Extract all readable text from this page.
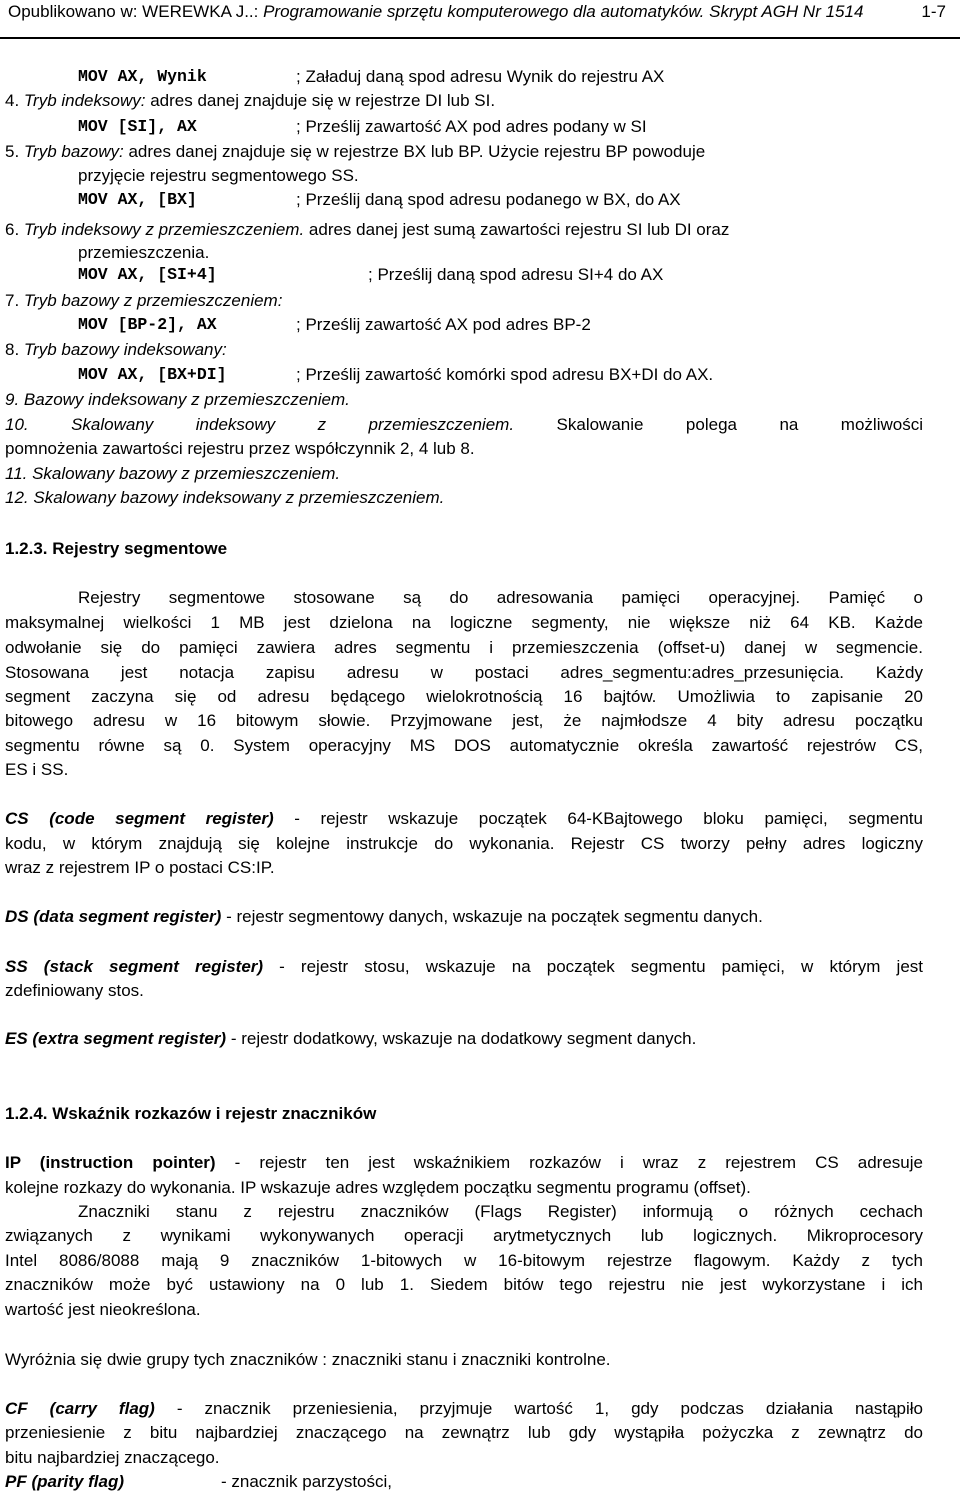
Opublikowano w: WEREWKA J..: Programowanie sprzętu komputerowego dla automatyków. Skrypt AGH Nr 1514	1-7
MOV AX, Wynik	; Załaduj daną spod adresu Wynik do rejestru AX
4. Tryb indeksowy: adres danej znajduje się w rejestrze DI lub SI.
MOV [SI], AX	; Prześlij zawartość AX pod adres podany w SI
5. Tryb bazowy: adres danej znajduje się w rejestrze BX lub BP. Użycie rejestru BP powoduje
przyjęcie rejestru segmentowego SS.
MOV AX, [BX]	; Prześlij daną spod adresu podanego w BX, do AX
6. Tryb indeksowy z przemieszczeniem. adres danej jest sumą zawartości rejestru SI lub DI oraz
przemieszczenia.
MOV AX, [SI+4]	; Prześlij daną spod adresu SI+4 do AX
7. Tryb bazowy z przemieszczeniem:
MOV [BP-2], AX	; Prześlij zawartość AX pod adres BP-2
8. Tryb bazowy indeksowany:
MOV AX, [BX+DI]	; Prześlij zawartość komórki spod adresu BX+DI do AX.
9. Bazowy indeksowany z przemieszczeniem.
10. Skalowany indeksowy z przemieszczeniem. Skalowanie polega na możliwości
pomnożenia zawartości rejestru przez współczynnik 2, 4 lub 8.
11. Skalowany bazowy z przemieszczeniem.
12. Skalowany bazowy indeksowany z przemieszczeniem.
1.2.3. Rejestry segmentowe
Rejestry segmentowe stosowane są do adresowania pamięci operacyjnej. Pamięć o
maksymalnej wielkości 1 MB jest dzielona na logiczne segmenty, nie większe niż 64 KB. Każde
odwołanie się do pamięci zawiera adres segmentu i przemieszczenia (offset-u) danej w segmencie.
Stosowana jest notacja zapisu adresu w postaci adres_segmentu:adres_przesunięcia. Każdy
segment zaczyna się od adresu będącego wielokrotnością 16 bajtów. Umożliwia to zapisanie 20
bitowego adresu w 16 bitowym słowie. Przyjmowane jest, że najmłodsze 4 bity adresu początku
segmentu równe są 0. System operacyjny MS DOS automatycznie określa zawartość rejestrów CS,
ES i SS.
CS (code segment register) - rejestr wskazuje początek 64-KBajtowego bloku pamięci, segmentu
kodu, w którym znajdują się kolejne instrukcje do wykonania. Rejestr CS tworzy pełny adres logiczny
wraz z rejestrem IP o postaci CS:IP.
DS (data segment register) - rejestr segmentowy danych, wskazuje na początek segmentu danych.
SS (stack segment register) - rejestr stosu, wskazuje na początek segmentu pamięci, w którym jest
zdefiniowany stos.
ES (extra segment register) - rejestr dodatkowy, wskazuje na dodatkowy segment danych.
1.2.4. Wskaźnik rozkazów i rejestr znaczników
IP (instruction pointer) - rejestr ten jest wskaźnikiem rozkazów i wraz z rejestrem CS adresuje
kolejne rozkazy do wykonania. IP wskazuje adres względem początku segmentu programu (offset).
Znaczniki stanu z rejestru znaczników (Flags Register) informują o różnych cechach
związanych z wynikami wykonywanych operacji arytmetycznych lub logicznych. Mikroprocesory
Intel 8086/8088 mają 9 znaczników 1-bitowych w 16-bitowym rejestrze flagowym. Każdy z tych
znaczników może być ustawiony na 0 lub 1. Siedem bitów tego rejestru nie jest wykorzystane i ich
wartość jest nieokreślona.
Wyróżnia się dwie grupy tych znaczników : znaczniki stanu i znaczniki kontrolne.
CF (carry flag) - znacznik przeniesienia, przyjmuje wartość 1, gdy podczas działania nastąpiło
przeniesienie z bitu najbardziej znaczącego na zewnątrz lub gdy wystąpiła pożyczka z zewnątrz do
bitu najbardziej znaczącego.
PF (parity flag)	- znacznik parzystości,
